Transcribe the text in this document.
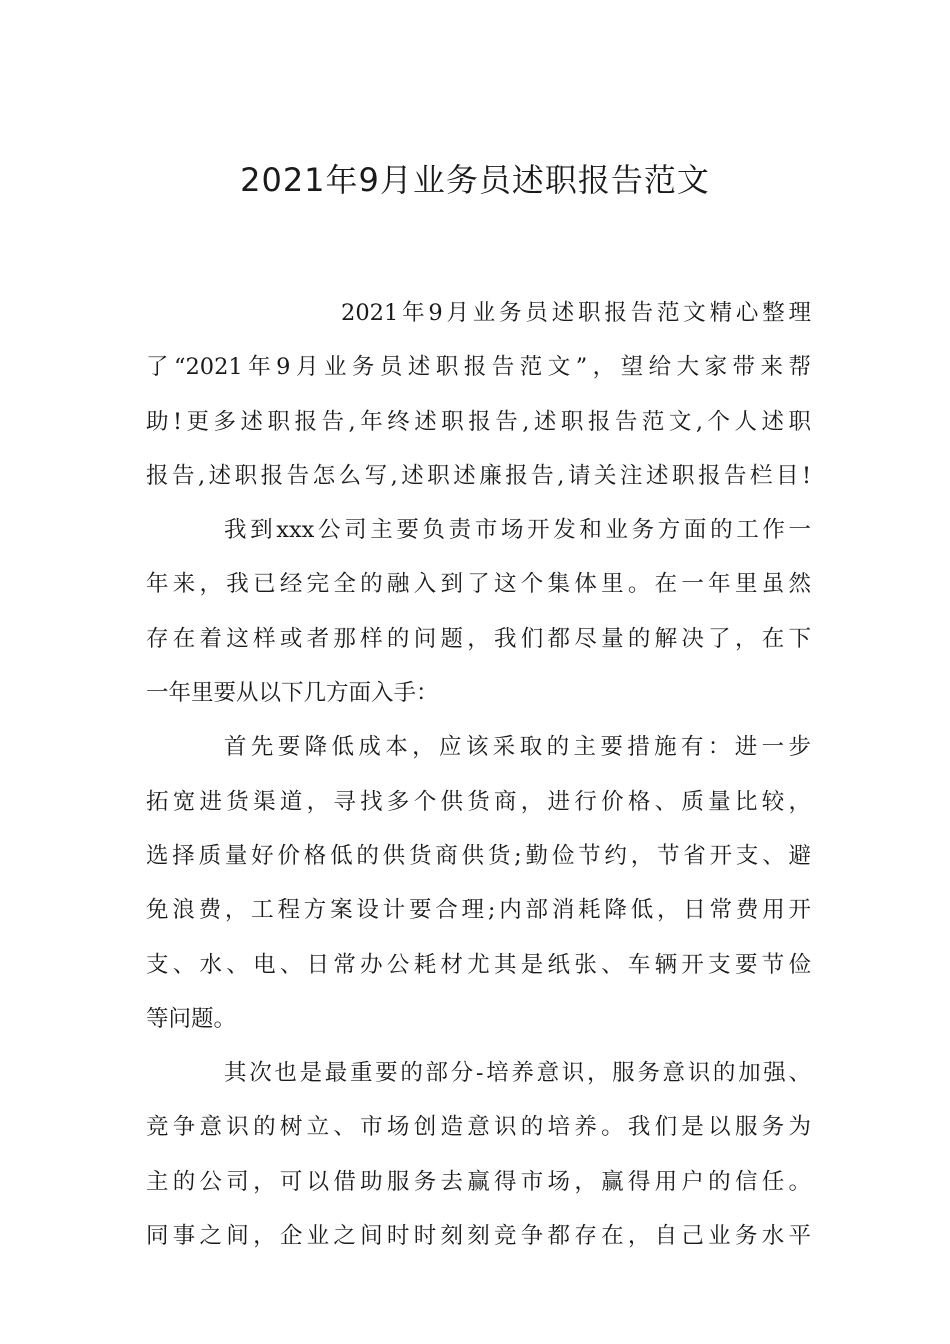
2021年9月业务员述职报告范文
2021年9月业务员述职报告范文精心整理
了“2021年9月业务员述职报告范文”，望给大家带来帮
助!更多述职报告,年终述职报告,述职报告范文,个人述职
报告,述职报告怎么写,述职述廉报告,请关注述职报告栏目!
我到xxx公司主要负责市场开发和业务方面的工作一
年来，我已经完全的融入到了这个集体里。在一年里虽然
存在着这样或者那样的问题，我们都尽量的解决了，在下
一年里要从以下几方面入手：
首先要降低成本，应该采取的主要措施有：进一步
拓宽进货渠道，寻找多个供货商，进行价格、质量比较，
选择质量好价格低的供货商供货;勤俭节约，节省开支、避
免浪费，工程方案设计要合理;内部消耗降低，日常费用开
支、水、电、日常办公耗材尤其是纸张、车辆开支要节俭
等问题。
其次也是最重要的部分-培养意识，服务意识的加强、
竞争意识的树立、市场创造意识的培养。我们是以服务为
主的公司，可以借助服务去赢得市场，赢得用户的信任。
同事之间，企业之间时时刻刻竞争都存在，自己业务水平
